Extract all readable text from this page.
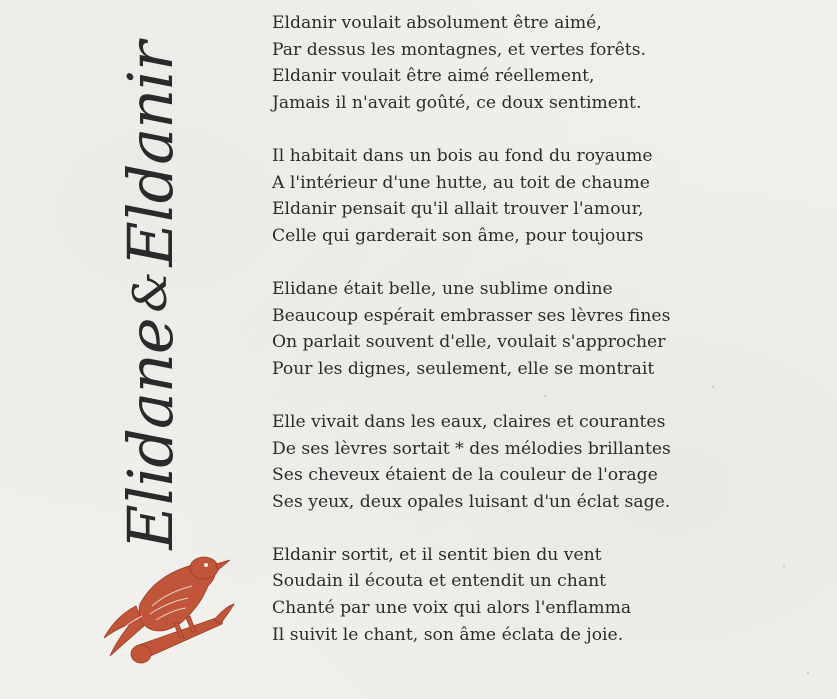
Elidane
&
Eldanir
Eldanir voulait absolument être aimé,
Par dessus les montagnes, et vertes forêts.
Eldanir voulait être aimé réellement,
Jamais il n'avait goûté, ce doux sentiment.
Il habitait dans un bois au fond du royaume
A l'intérieur d'une hutte, au toit de chaume
Eldanir pensait qu'il allait trouver l'amour,
Celle qui garderait son âme, pour toujours
Elidane était belle, une sublime ondine
Beaucoup espérait embrasser ses lèvres fines
On parlait souvent d'elle, voulait s'approcher
Pour les dignes, seulement, elle se montrait
Elle vivait dans les eaux, claires et courantes
De ses lèvres sortait * des mélodies brillantes
Ses cheveux étaient de la couleur de l'orage
Ses yeux, deux opales luisant d'un éclat sage.
Eldanir sortit, et il sentit bien du vent
Soudain il écouta et entendit un chant
Chanté par une voix qui alors l'enflamma
Il suivit le chant, son âme éclata de joie.
